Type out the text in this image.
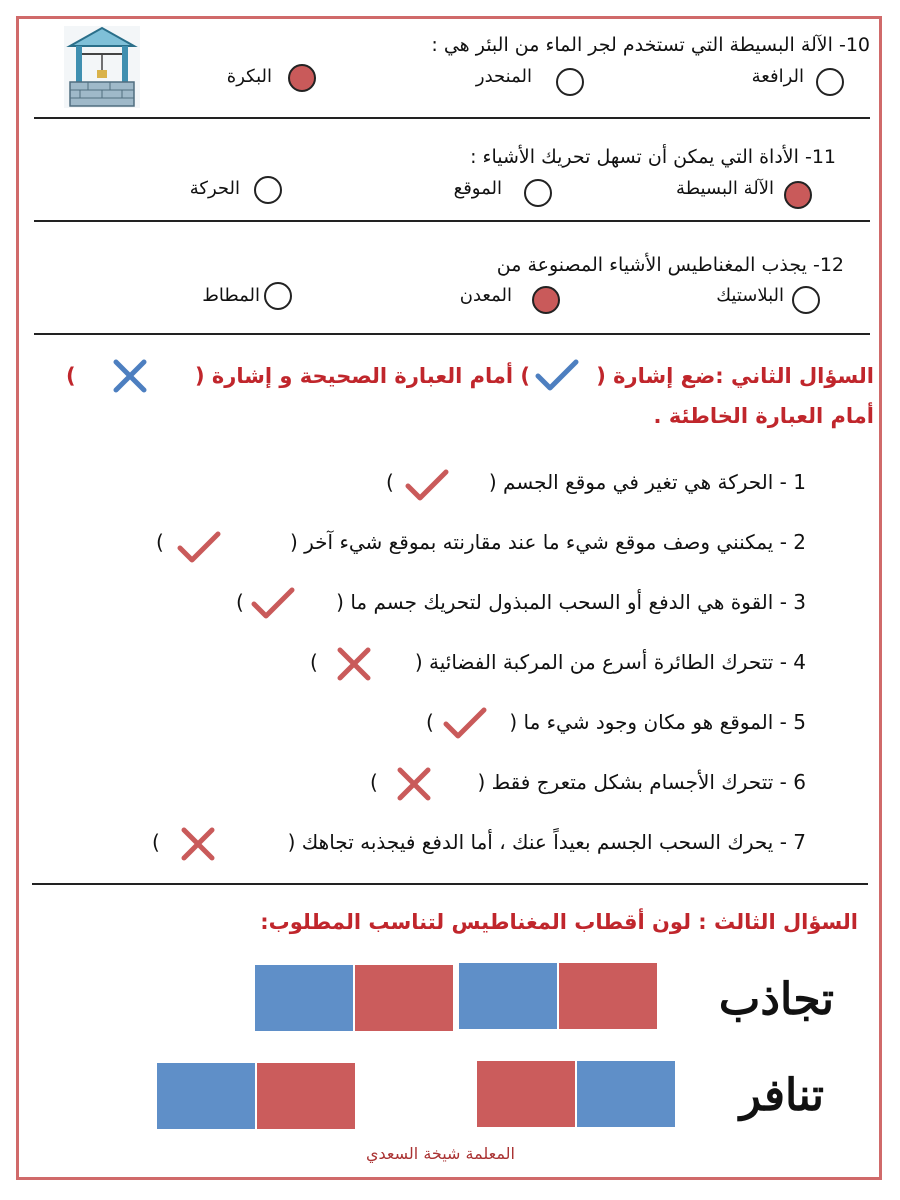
10- الآلة البسيطة التي تستخدم لجر الماء من البئر هي :
الرافعة
المنحدر
البكرة
11- الأداة التي يمكن أن تسهل تحريك الأشياء :
الآلة البسيطة
الموقع
الحركة
12- يجذب المغناطيس الأشياء المصنوعة من
البلاستيك
المعدن
المطاط
السؤال الثاني :ضع إشارة (
) أمام العبارة الصحيحة و إشارة (
)
أمام العبارة الخاطئة .
1 - الحركة هي تغير في موقع الجسم (
)
2 - يمكنني وصف موقع شيء ما عند مقارنته بموقع شيء آخر (
)
3 - القوة هي الدفع أو السحب المبذول لتحريك جسم ما (
)
4 - تتحرك الطائرة أسرع من المركبة الفضائية (
)
5 - الموقع هو مكان وجود شيء ما (
)
6 - تتحرك الأجسام بشكل متعرج فقط (
)
7 - يحرك السحب الجسم بعيداً عنك ، أما الدفع فيجذبه تجاهك (
)
السؤال الثالث : لون أقطاب المغناطيس لتناسب المطلوب:
تجاذب
تنافر
المعلمة شيخة السعدي
